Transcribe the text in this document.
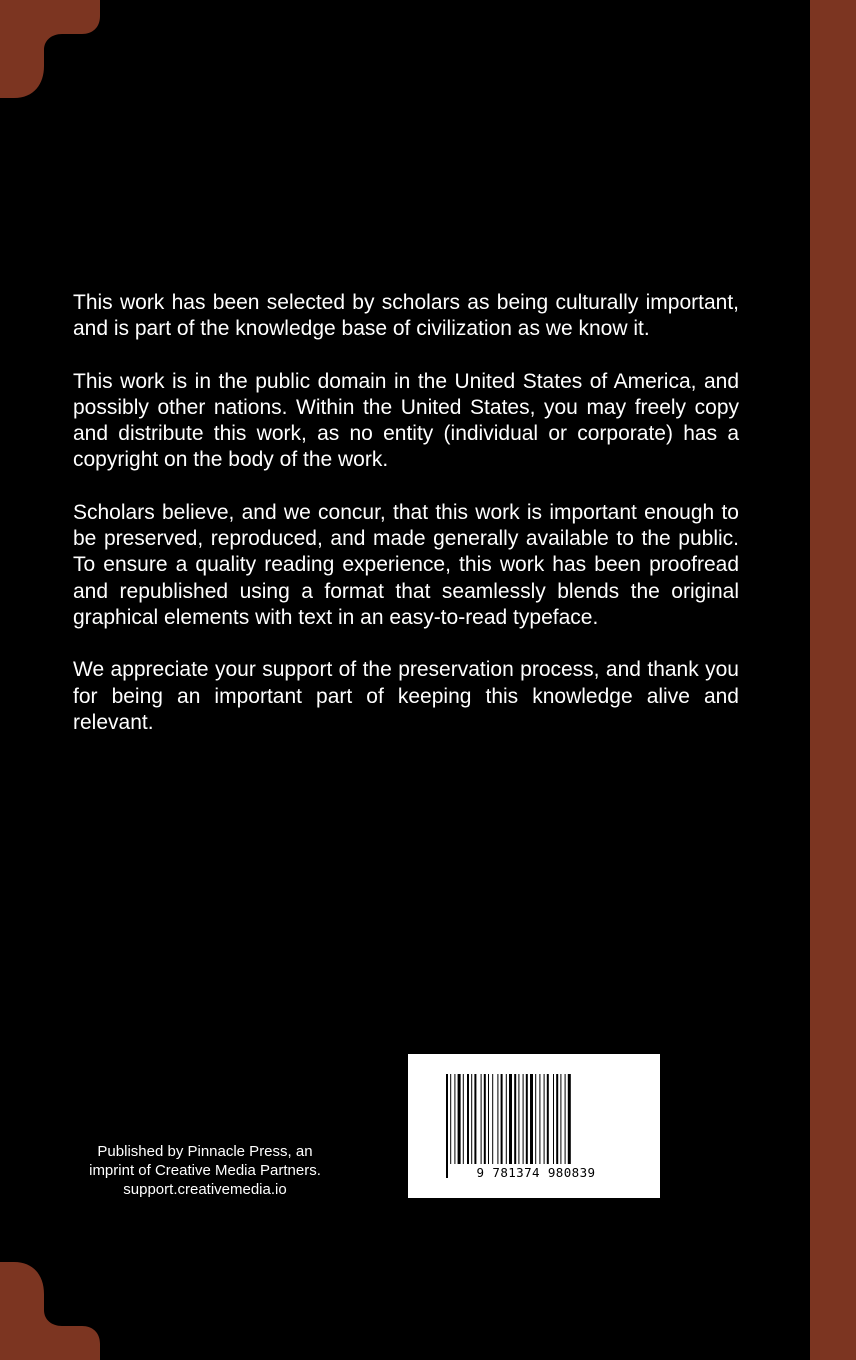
This work has been selected by scholars as being culturally important, and is part of the knowledge base of civilization as we know it.

This work is in the public domain in the United States of America, and possibly other nations. Within the United States, you may freely copy and distribute this work, as no entity (individual or corporate) has a copyright on the body of the work.

Scholars believe, and we concur, that this work is important enough to be preserved, reproduced, and made generally available to the public. To ensure a quality reading experience, this work has been proofread and republished using a format that seamlessly blends the original graphical elements with text in an easy-to-read typeface.

We appreciate your support of the preservation process, and thank you for being an important part of keeping this knowledge alive and relevant.

Published by Pinnacle Press, an
imprint of Creative Media Partners.
support.creativemedia.io
9 781374 980839
